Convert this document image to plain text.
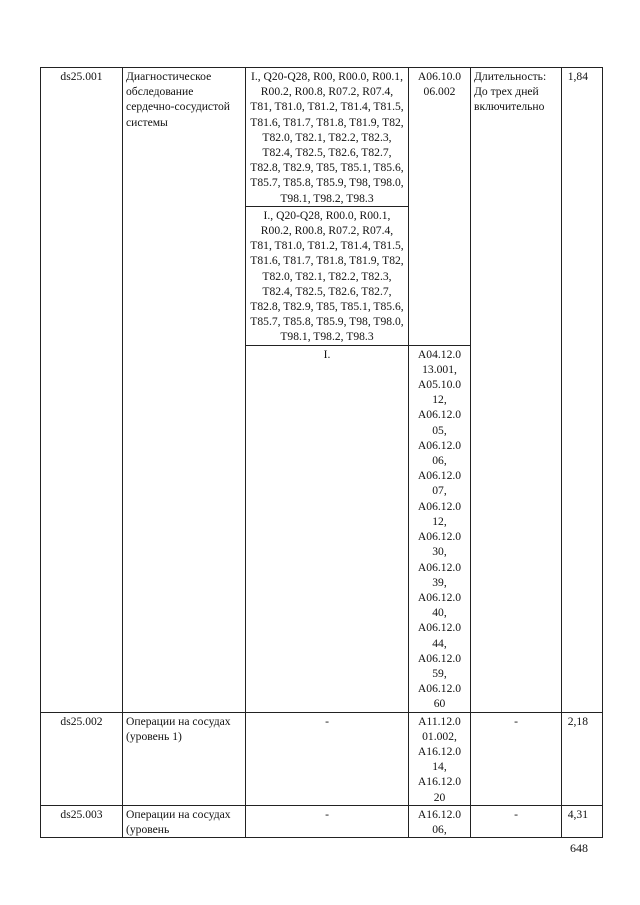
ds25.001	Диагностическое обследование сердечно-сосудистой системы	I., Q20-Q28, R00, R00.0, R00.1, R00.2, R00.8, R07.2, R07.4, T81, T81.0, T81.2, T81.4, T81.5, T81.6, T81.7, T81.8, T81.9, T82, T82.0, T82.1, T82.2, T82.3, T82.4, T82.5, T82.6, T82.7, T82.8, T82.9, T85, T85.1, T85.6, T85.7, T85.8, T85.9, T98, T98.0, T98.1, T98.2, T98.3	A06.10.0 06.002	Длительность: До трех дней включительно	1,84
		I., Q20-Q28, R00.0, R00.1, R00.2, R00.8, R07.2, R07.4, T81, T81.0, T81.2, T81.4, T81.5, T81.6, T81.7, T81.8, T81.9, T82, T82.0, T82.1, T82.2, T82.3, T82.4, T82.5, T82.6, T82.7, T82.8, T82.9, T85, T85.1, T85.6, T85.7, T85.8, T85.9, T98, T98.0, T98.1, T98.2, T98.3			
		I.	A04.12.0 13.001, A05.10.0 12, A06.12.0 05, A06.12.0 06, A06.12.0 07, A06.12.0 12, A06.12.0 30, A06.12.0 39, A06.12.0 40, A06.12.0 44, A06.12.0 59, A06.12.0 60		
ds25.002	Операции на сосудах (уровень 1)	-	A11.12.0 01.002, A16.12.0 14, A16.12.0 20	-	2,18
ds25.003	Операции на сосудах (уровень	-	A16.12.0 06,	-	4,31
648
